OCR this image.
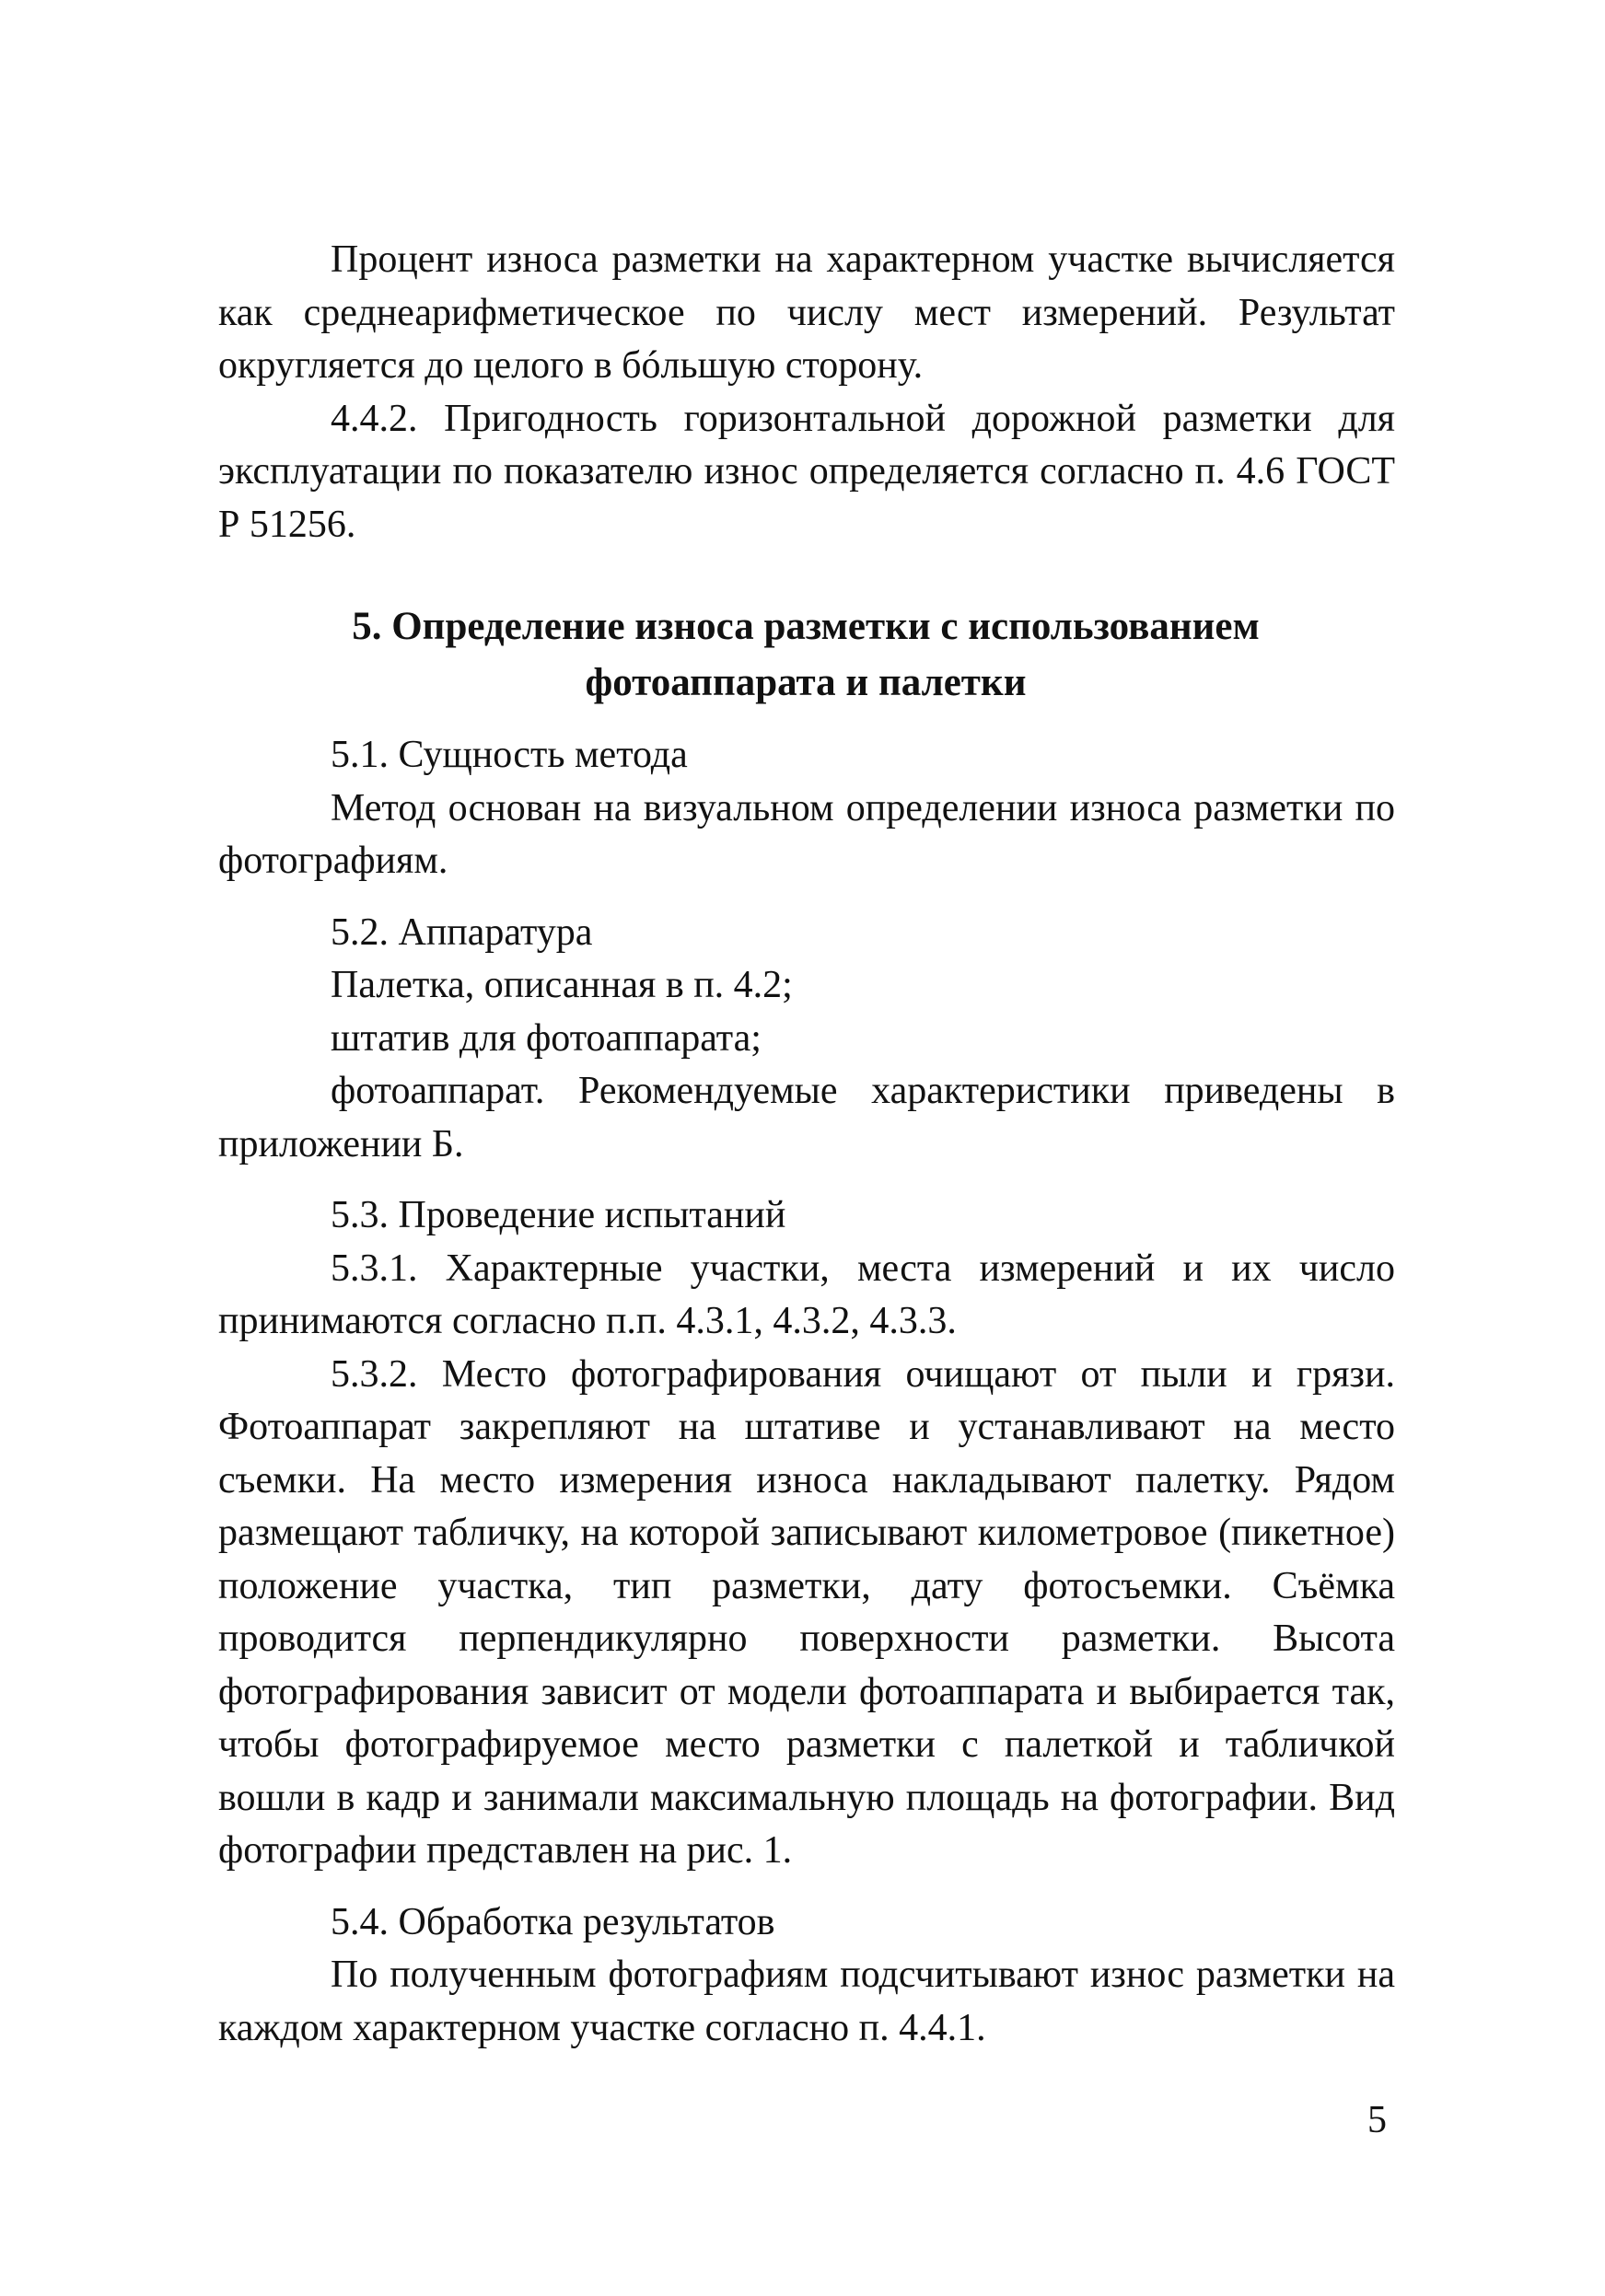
Процент износа разметки на характерном участке вычисляется как среднеарифметическое по числу мест измерений. Результат округляется до целого в бóльшую сторону.

4.4.2. Пригодность горизонтальной дорожной разметки для эксплуатации по показателю износ определяется согласно п. 4.6 ГОСТ Р 51256.

5. Определение износа разметки с использованием
фотоаппарата и палетки

5.1. Сущность метода

Метод основан на визуальном определении износа разметки по фотографиям.

5.2. Аппаратура

Палетка, описанная в п. 4.2;

штатив для фотоаппарата;

фотоаппарат. Рекомендуемые характеристики приведены в приложении Б.

5.3. Проведение испытаний

5.3.1. Характерные участки, места измерений и их число принимаются согласно п.п. 4.3.1, 4.3.2, 4.3.3.

5.3.2. Место фотографирования очищают от пыли и грязи. Фотоаппарат закрепляют на штативе и устанавливают на место съемки. На место измерения износа накладывают палетку. Рядом размещают табличку, на которой записывают километровое (пикетное) положение участка, тип разметки, дату фотосъемки. Съёмка проводится перпендикулярно поверхности разметки. Высота фотографирования зависит от модели фотоаппарата и выбирается так, чтобы фотографируемое место разметки с палеткой и табличкой вошли в кадр и занимали максимальную площадь на фотографии. Вид фотографии представлен на рис. 1.

5.4. Обработка результатов

По полученным фотографиям подсчитывают износ разметки на каждом характерном участке согласно п. 4.4.1.

5
